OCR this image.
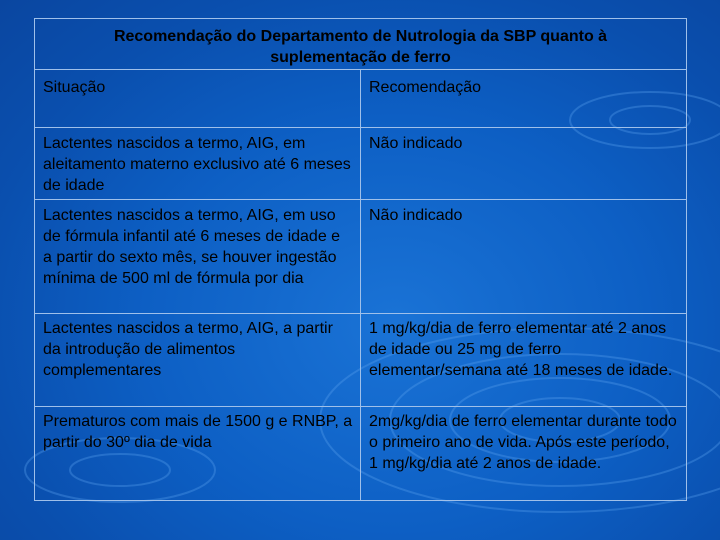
Recomendação do Departamento de Nutrologia da SBP quanto à suplementação de ferro	
Situação	Recomendação
Lactentes nascidos a termo, AIG, em aleitamento materno exclusivo até 6 meses de idade	Não indicado
Lactentes nascidos a termo, AIG, em uso de fórmula infantil até 6 meses de idade e a partir do sexto mês, se houver ingestão mínima de 500 ml de fórmula por dia	Não indicado
Lactentes nascidos a termo, AIG, a partir da introdução de alimentos complementares	1 mg/kg/dia de ferro elementar até 2 anos de idade ou 25 mg de ferro elementar/semana até 18 meses de idade.
Prematuros com mais de 1500 g e RNBP, a partir do 30º dia de vida	2mg/kg/dia de ferro elementar durante todo o primeiro ano de vida. Após este período, 1 mg/kg/dia até 2 anos de idade.
